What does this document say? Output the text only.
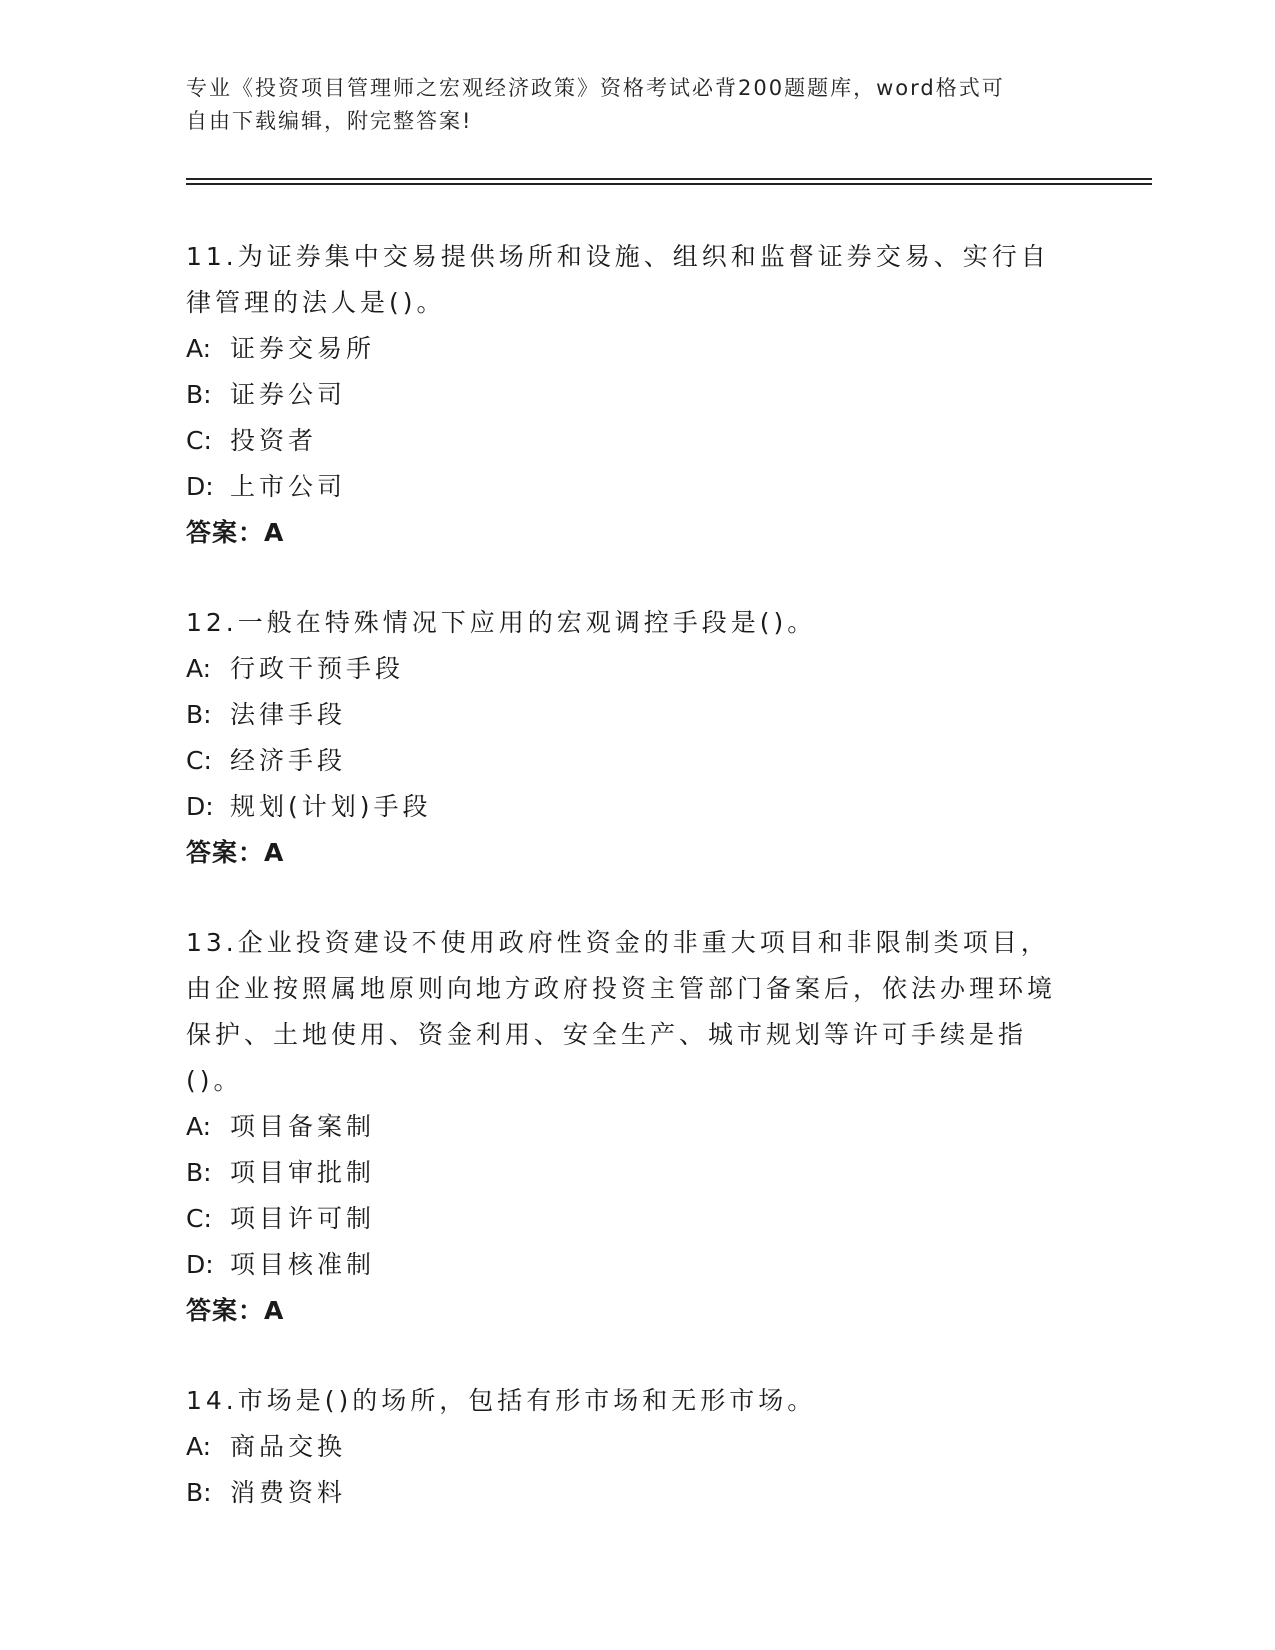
专业《投资项目管理师之宏观经济政策》资格考试必背200题题库，word格式可
自由下载编辑，附完整答案!

11.为证券集中交易提供场所和设施、组织和监督证券交易、实行自律管理的法人是()。

A: 证券交易所

B: 证券公司

C: 投资者

D: 上市公司

答案：A

12.一般在特殊情况下应用的宏观调控手段是()。

A: 行政干预手段

B: 法律手段

C: 经济手段

D: 规划(计划)手段

答案：A

13.企业投资建设不使用政府性资金的非重大项目和非限制类项目，由企业按照属地原则向地方政府投资主管部门备案后，依法办理环境保护、土地使用、资金利用、安全生产、城市规划等许可手续是指()。

A: 项目备案制

B: 项目审批制

C: 项目许可制

D: 项目核准制

答案：A

14.市场是()的场所，包括有形市场和无形市场。

A: 商品交换

B: 消费资料
